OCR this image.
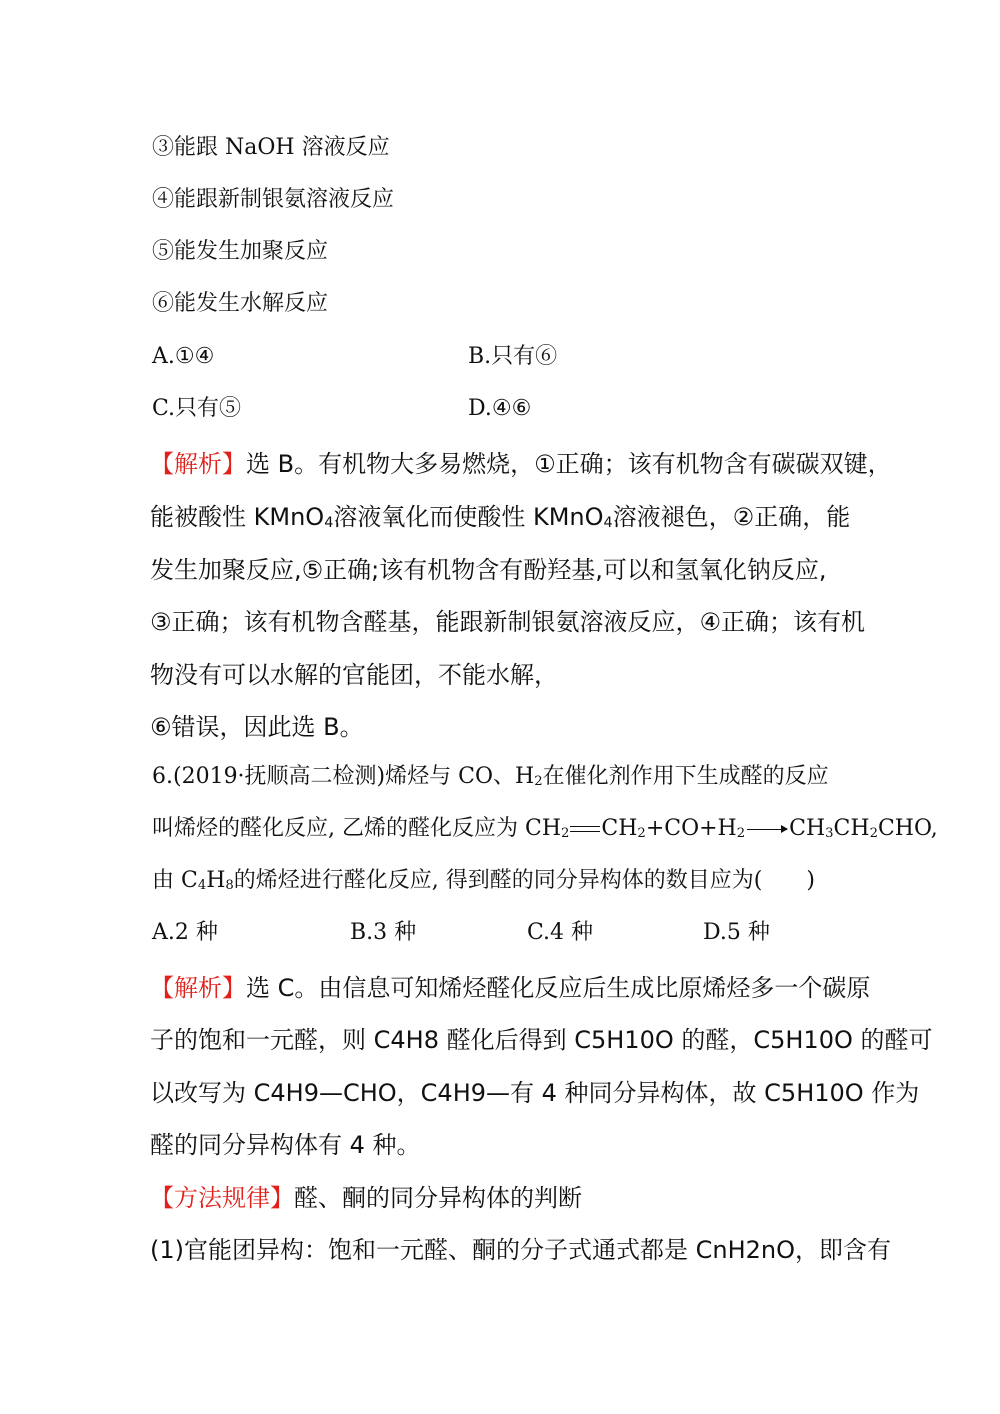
③能跟 NaOH 溶液反应
④能跟新制银氨溶液反应
⑤能发生加聚反应
⑥能发生水解反应
A.①④	B.只有⑥
C.只有⑤	D.④⑥
【解析】选 B。有机物大多易燃烧，①正确；该有机物含有碳碳双键，
能被酸性 KMnO$_4$溶液氧化而使酸性 KMnO$_4$溶液褪色，②正确，能
发生加聚反应,⑤正确;该有机物含有酚羟基,可以和氢氧化钠反应,
③正确；该有机物含醛基，能跟新制银氨溶液反应，④正确；该有机
物没有可以水解的官能团，不能水解，
⑥错误，因此选 B。
6.(2019·抚顺高二检测)烯烃与 CO、$H_2$在催化剂作用下生成醛的反应
叫烯烃的醛化反应, 乙烯的醛化反应为 $CH_2$ $CH_2+CO+H_2 \to CH_3CH_2CHO$,
由 $C_4H_8$的烯烃进行醛化反应, 得到醛的同分异构体的数目应为(　　)
A.2 种	B.3 种	C.4 种	D.5 种
【解析】选 C。由信息可知烯烃醛化反应后生成比原烯烃多一个碳原
子的饱和一元醛，则 C4H8 醛化后得到 C5H10O 的醛，C5H10O 的醛可
以改写为 C4H9—CHO，C4H9—有 4 种同分异构体，故 C5H10O 作为
醛的同分异构体有 4 种。
【方法规律】醛、酮的同分异构体的判断
(1)官能团异构：饱和一元醛、酮的分子式通式都是 CnH2nO，即含有
